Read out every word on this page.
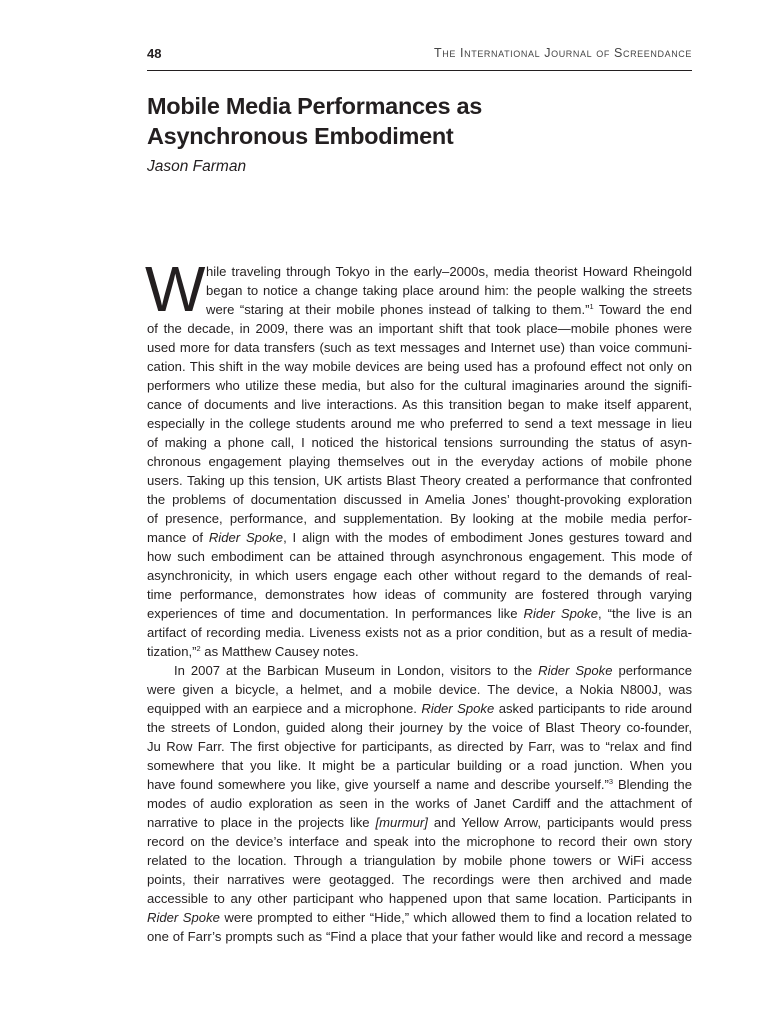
48	The International Journal of Screendance
Mobile Media Performances as
Asynchronous Embodiment
Jason Farman
W hile traveling through Tokyo in the early–2000s, media theorist Howard Rheingold
began to notice a change taking place around him: the people walking the streets
were “staring at their mobile phones instead of talking to them.”$^1$ Toward the end
of the decade, in 2009, there was an important shift that took place—mobile phones were
used more for data transfers (such as text messages and Internet use) than voice communi-
cation. This shift in the way mobile devices are being used has a profound effect not only on
performers who utilize these media, but also for the cultural imaginaries around the signifi-
cance of documents and live interactions. As this transition began to make itself apparent,
especially in the college students around me who preferred to send a text message in lieu
of making a phone call, I noticed the historical tensions surrounding the status of asyn-
chronous engagement playing themselves out in the everyday actions of mobile phone
users. Taking up this tension, UK artists Blast Theory created a performance that confronted
the problems of documentation discussed in Amelia Jones’ thought-provoking exploration
of presence, performance, and supplementation. By looking at the mobile media perfor-
mance of Rider Spoke, I align with the modes of embodiment Jones gestures toward and
how such embodiment can be attained through asynchronous engagement. This mode of
asynchronicity, in which users engage each other without regard to the demands of real-
time performance, demonstrates how ideas of community are fostered through varying
experiences of time and documentation. In performances like Rider Spoke, “the live is an
artifact of recording media. Liveness exists not as a prior condition, but as a result of media-
tization,”$^2$ as Matthew Causey notes.
In 2007 at the Barbican Museum in London, visitors to the Rider Spoke performance
were given a bicycle, a helmet, and a mobile device. The device, a Nokia N800J, was
equipped with an earpiece and a microphone. Rider Spoke asked participants to ride around
the streets of London, guided along their journey by the voice of Blast Theory co-founder,
Ju Row Farr. The first objective for participants, as directed by Farr, was to “relax and find
somewhere that you like. It might be a particular building or a road junction. When you
have found somewhere you like, give yourself a name and describe yourself.”$^3$ Blending the
modes of audio exploration as seen in the works of Janet Cardiff and the attachment of
narrative to place in the projects like [murmur] and Yellow Arrow, participants would press
record on the device’s interface and speak into the microphone to record their own story
related to the location. Through a triangulation by mobile phone towers or WiFi access
points, their narratives were geotagged. The recordings were then archived and made
accessible to any other participant who happened upon that same location. Participants in
Rider Spoke were prompted to either “Hide,” which allowed them to find a location related to
one of Farr’s prompts such as “Find a place that your father would like and record a message
